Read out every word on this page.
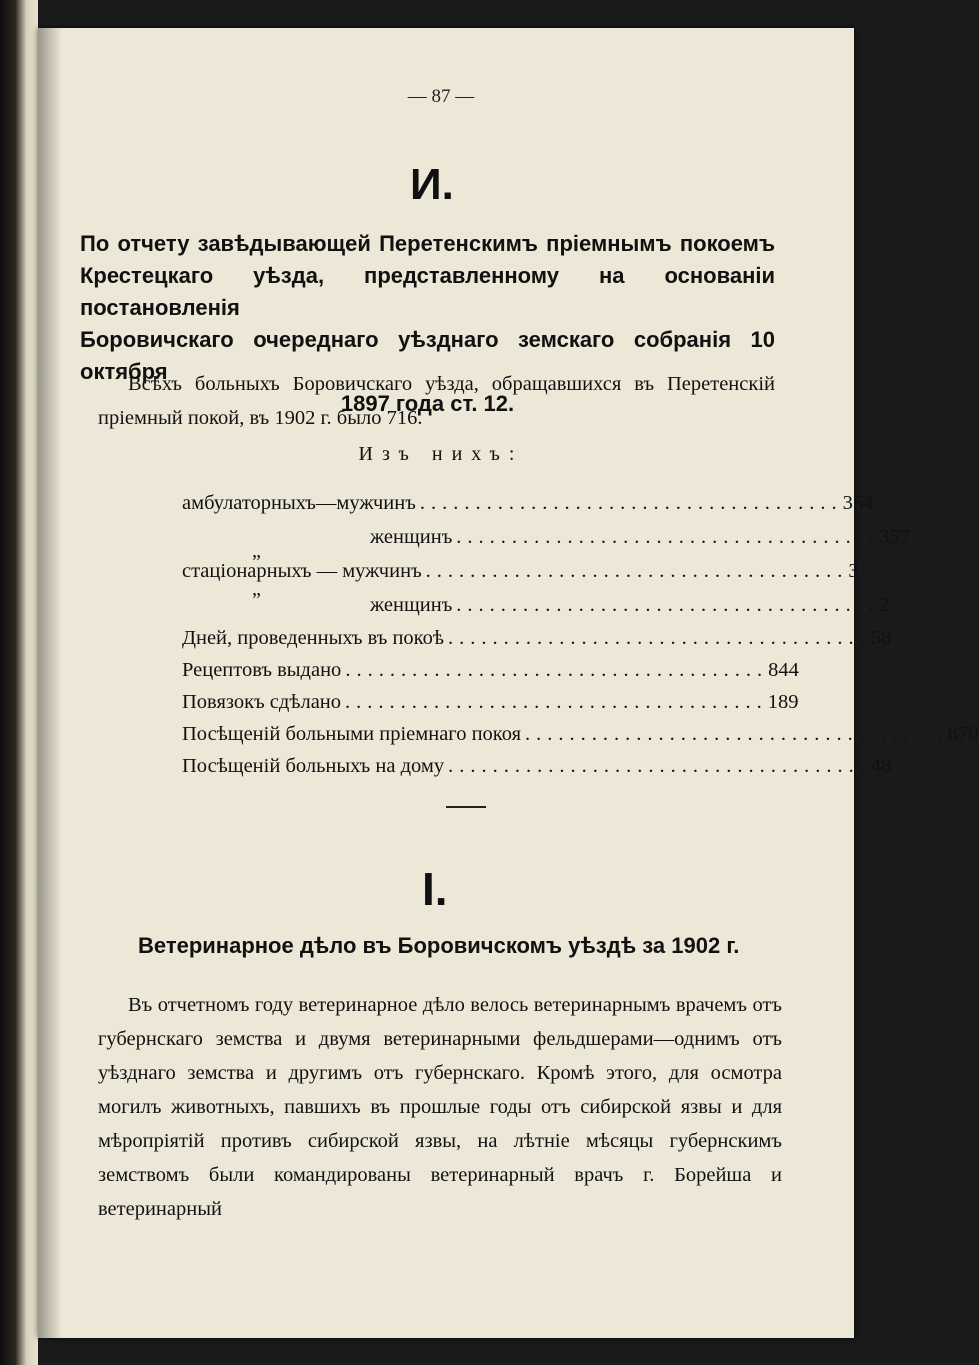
— 87 —
И.
По отчету завѣдывающей Перетенскимъ пріемнымъ покоемъ
Крестецкаго уѣзда, представленному на основаніи постановленія
Боровичскаго очереднаго уѣзднаго земскаго собранія 10 октября
1897 года ст. 12.
Всѣхъ больныхъ Боровичскаго уѣзда, обращавшихся въ Перетенскій пріемный покой, въ 1902 г. было 716.
Изъ нихъ:
амбулаторныхъ—мужчинъ ...................................... 354
женщинъ ...................................... 357
„
стаціонарныхъ — мужчинъ ...................................... 3
„
женщинъ ...................................... 2
Дней, проведенныхъ въ покоѣ ...................................... 58
Рецептовъ выдано ...................................... 844
Повязокъ сдѣлано ...................................... 189
Посѣщеній больными пріемнаго покоя ...................................... 870
Посѣщеній больныхъ на дому ...................................... 48
I.
Ветеринарное дѣло въ Боровичскомъ уѣздѣ за 1902 г.
Въ отчетномъ году ветеринарное дѣло велось ветеринарнымъ врачемъ отъ губернскаго земства и двумя ветеринарными фельдшерами—однимъ отъ уѣзднаго земства и другимъ отъ губернскаго. Кромѣ этого, для осмотра могилъ животныхъ, павшихъ въ прошлые годы отъ сибирской язвы и для мѣропріятій противъ сибирской язвы, на лѣтніе мѣсяцы губернскимъ земствомъ были командированы ветеринарный врачъ г. Борейша и ветеринарный
